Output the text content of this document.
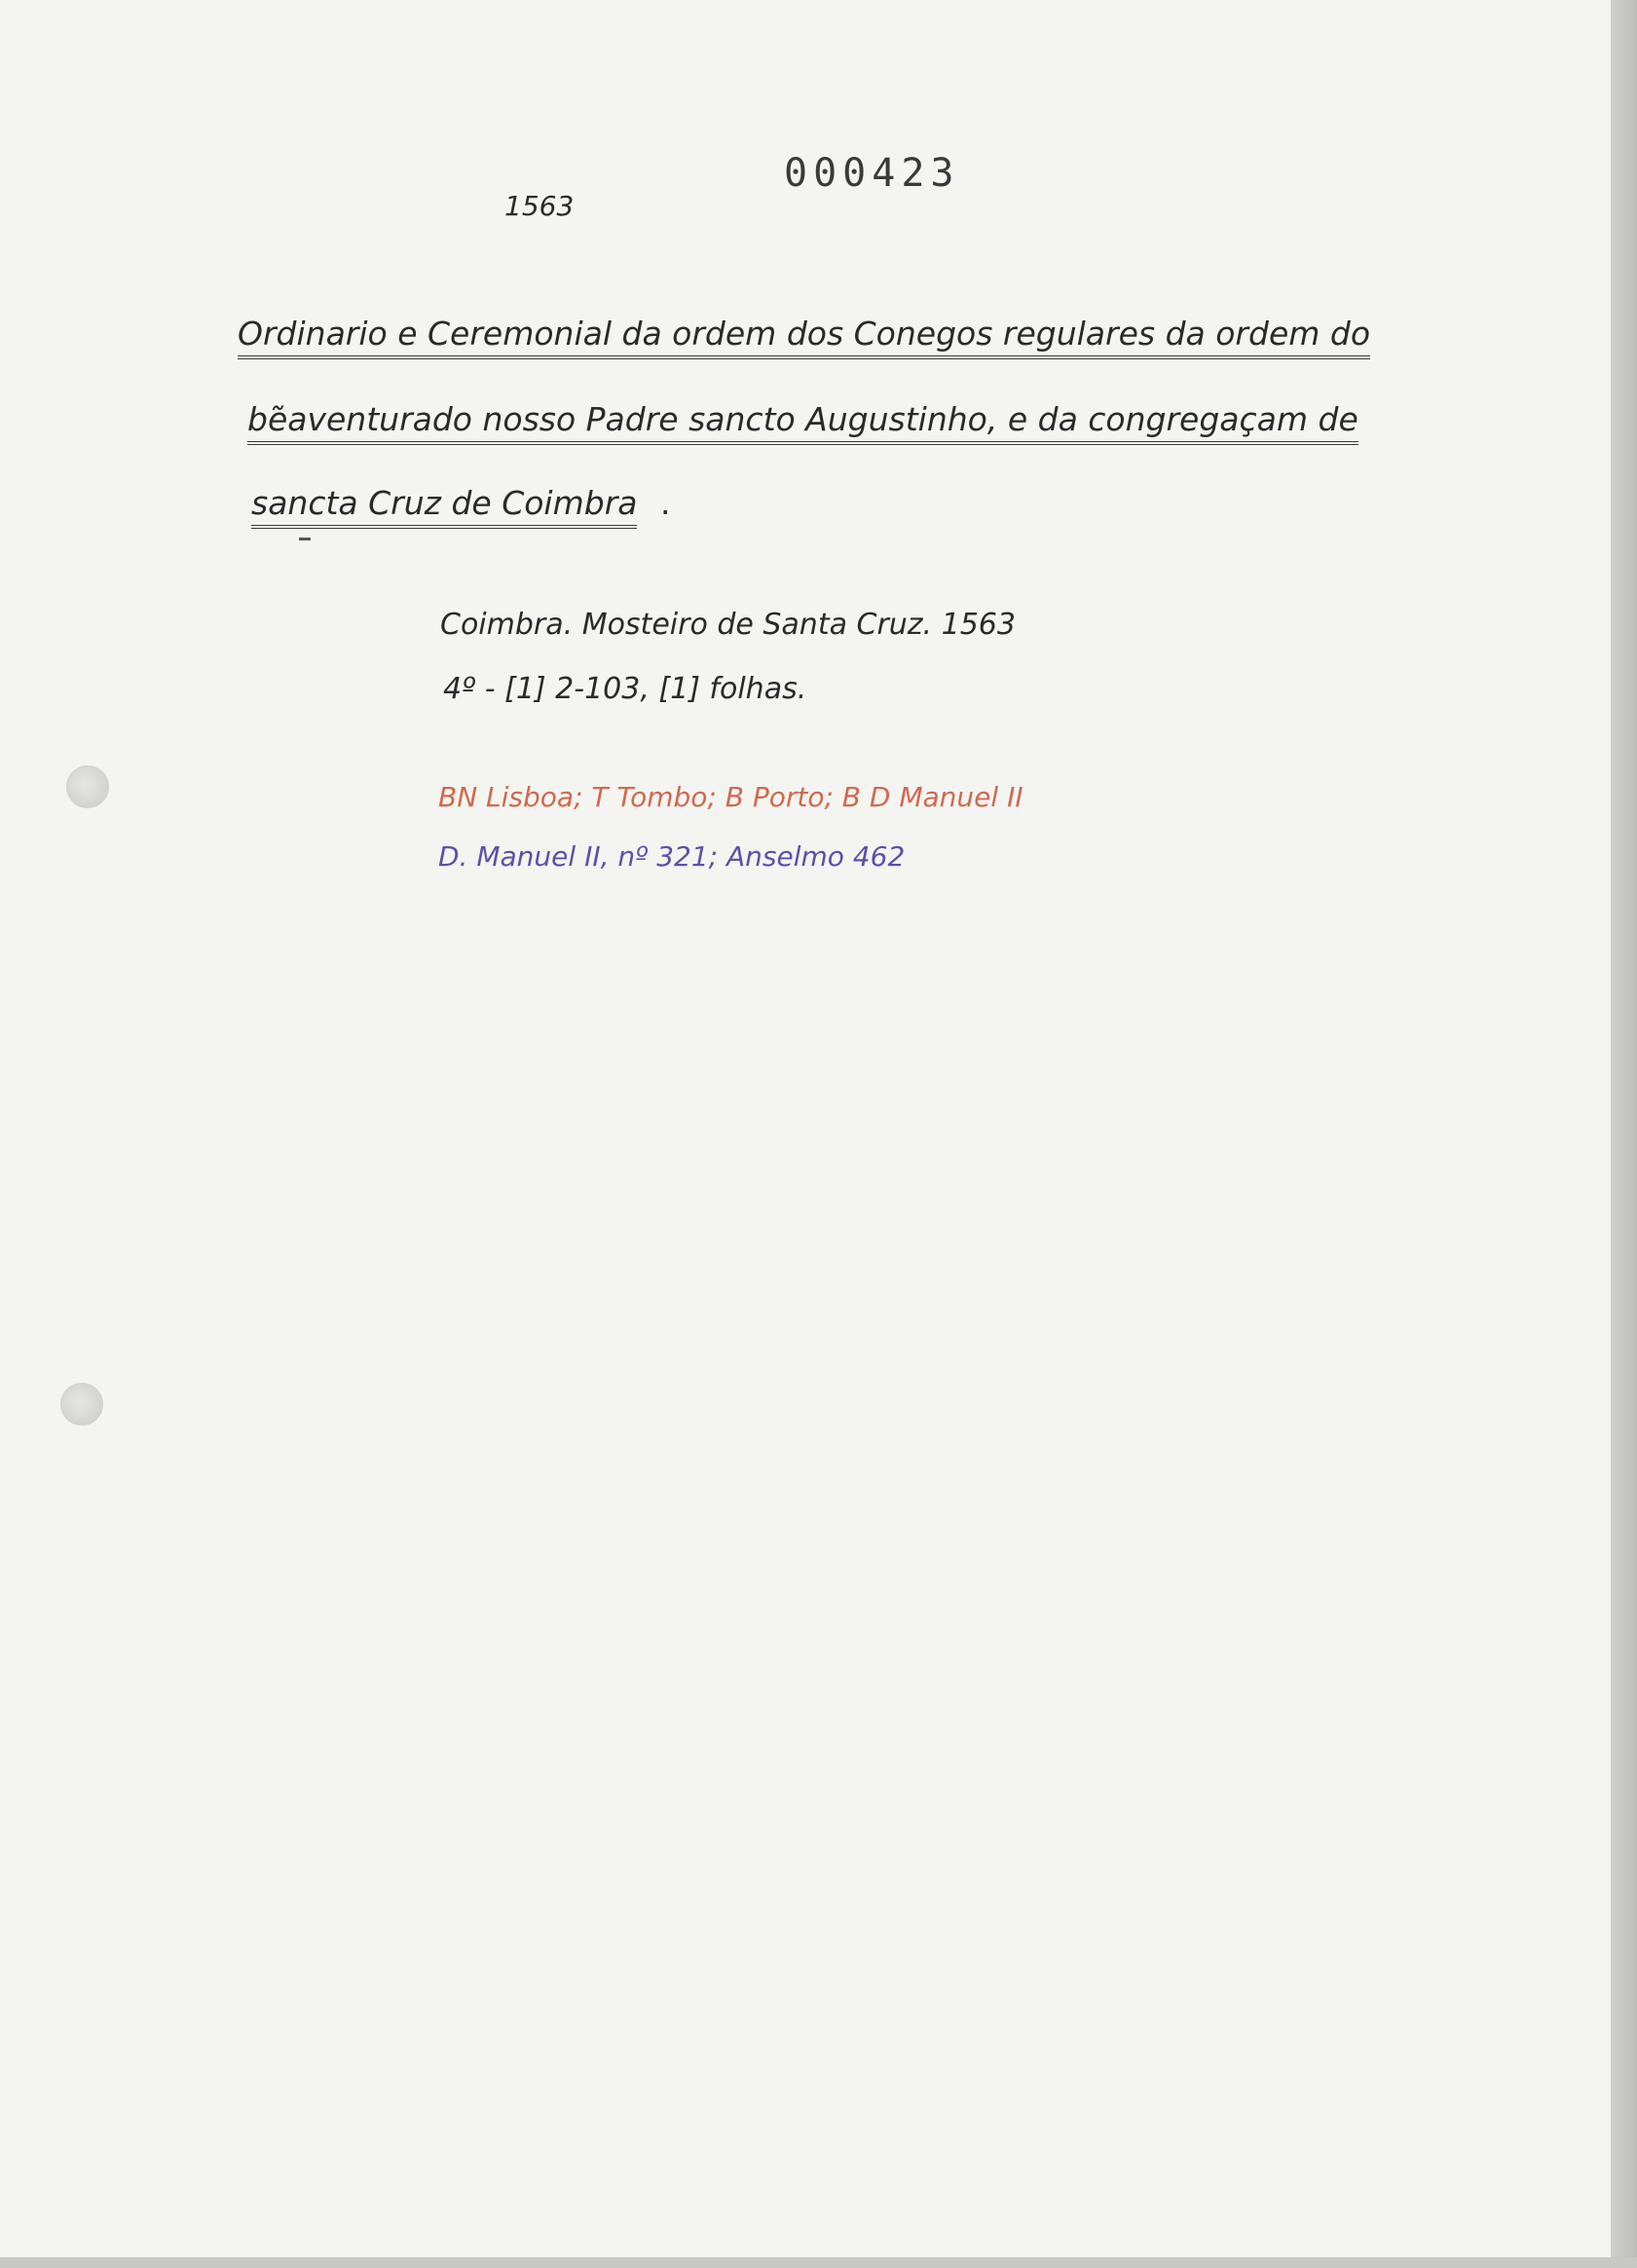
000423
1563
Ordinario e Ceremonial da ordem dos Conegos regulares da ordem do
bẽaventurado nosso Padre sancto Augustinho, e da congregaçam de
sancta Cruz de Coimbra .
Coimbra. Mosteiro de Santa Cruz. 1563
4º - [1] 2-103, [1] folhas.
BN Lisboa; T Tombo; B Porto; B D Manuel II
D. Manuel II, nº 321; Anselmo 462
